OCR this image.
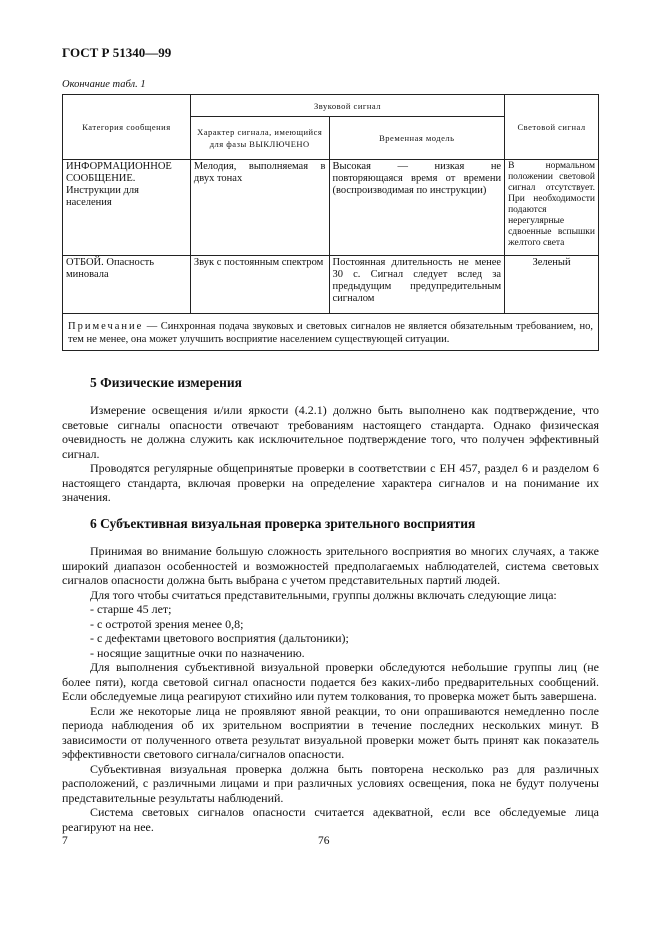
ГОСТ Р 51340—99
Окончание табл. 1
Категория сообщения	Звуковой сигнал		Световой сигнал
	Характер сигнала, имеющийся для фазы ВЫКЛЮЧЕНО	Временная модель	
ИНФОРМАЦИОННОЕ СООБЩЕНИЕ. Инструкции для населения	Мелодия, выполняемая в двух тонах	Высокая — низкая не повторяющаяся время от времени (воспроизводимая по инструкции)	В нормальном положении световой сигнал отсутствует. При необходимости подаются нерегулярные сдвоенные вспышки желтого света
ОТБОЙ. Опасность миновала	Звук с постоянным спектром	Постоянная длительность не менее 30 с. Сигнал следует вслед за предыдущим предупредительным сигналом	Зеленый
Примечание — Синхронная подача звуковых и световых сигналов не является обязательным требованием, но, тем не менее, она может улучшить восприятие населением существующей ситуации.			
5 Физические измерения

Измерение освещения и/или яркости (4.2.1) должно быть выполнено как подтверждение, что световые сигналы опасности отвечают требованиям настоящего стандарта. Однако физическая очевидность не должна служить как исключительное подтверждение того, что получен эффективный сигнал.

Проводятся регулярные общепринятые проверки в соответствии с ЕН 457, раздел 6 и разделом 6 настоящего стандарта, включая проверки на определение характера сигналов и на понимание их значения.

6 Субъективная визуальная проверка зрительного восприятия

Принимая во внимание большую сложность зрительного восприятия во многих случаях, а также широкий диапазон особенностей и возможностей предполагаемых наблюдателей, система световых сигналов опасности должна быть выбрана с учетом представительных партий людей.

Для того чтобы считаться представительными, группы должны включать следующие лица:

- старше 45 лет;

- с остротой зрения менее 0,8;

- с дефектами цветового восприятия (дальтоники);

- носящие защитные очки по назначению.

Для выполнения субъективной визуальной проверки обследуются небольшие группы лиц (не более пяти), когда световой сигнал опасности подается без каких-либо предварительных сообщений. Если обследуемые лица реагируют стихийно или путем толкования, то проверка может быть завершена.

Если же некоторые лица не проявляют явной реакции, то они опрашиваются немедленно после периода наблюдения об их зрительном восприятии в течение последних нескольких минут. В зависимости от полученного ответа результат визуальной проверки может быть принят как показатель эффективности светового сигнала/сигналов опасности.

Субъективная визуальная проверка должна быть повторена несколько раз для различных расположений, с различными лицами и при различных условиях освещения, пока не будут получены представительные результаты наблюдений.

Система световых сигналов опасности считается адекватной, если все обследуемые лица реагируют на нее.

7	76
